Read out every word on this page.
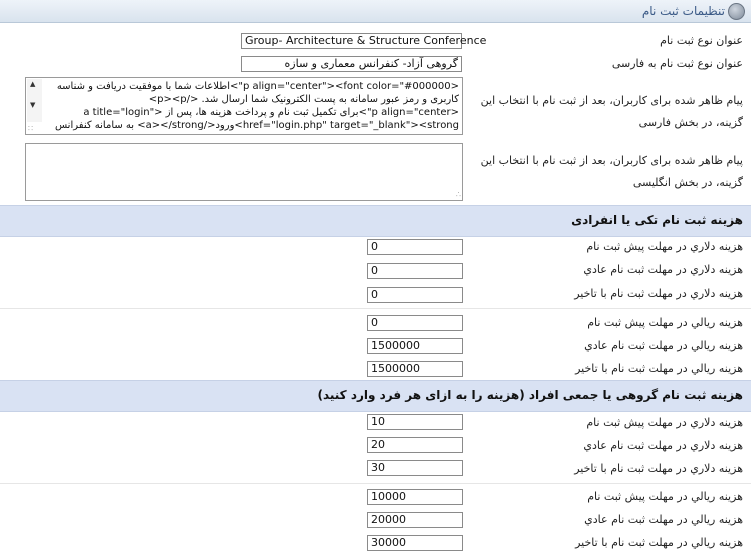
تنظیمات ثبت نام
عنوان نوع ثبت نام
Group- Architecture & Structure Conference
عنوان نوع ثبت نام به فارسی
گروهی آزاد- کنفرانس معماری و سازه
▲
▼
<p align="center"><font color="#000000">اطلاعات شما با موفقیت دریافت و شناسه کاربری و رمز عبور سامانه به پست الکترونیک شما ارسال شد. </p><p>
<p align="center">برای تکمیل ثبت نام و پرداخت هزینه ها، پس از <a title="login" href="login.php" target="_blank"><strong>ورود</a></strong> به سامانه کنفرانس
∷
پیام ظاهر شده برای کاربران، بعد از ثبت نام با انتخاب این گزینه، در بخش فارسی
∴
پیام ظاهر شده برای کاربران، بعد از ثبت نام با انتخاب این گزینه، در بخش انگلیسی
هزینه ثبت نام تکی یا انفرادی
هزينه دلاري در مهلت پيش ثبت نام
0
هزينه دلاري در مهلت ثبت نام عادي
0
هزينه دلاري در مهلت ثبت نام با تاخير
0
هزينه ريالي در مهلت پيش ثبت نام
0
هزينه ريالي در مهلت ثبت نام عادي
1500000
هزينه ريالي در مهلت ثبت نام با تاخير
1500000
هزینه ثبت نام گروهی یا جمعی افراد (هزینه را به ازای هر فرد وارد کنید)
هزينه دلاري در مهلت پيش ثبت نام
10
هزينه دلاري در مهلت ثبت نام عادي
20
هزينه دلاري در مهلت ثبت نام با تاخير
30
هزينه ريالي در مهلت پيش ثبت نام
10000
هزينه ريالي در مهلت ثبت نام عادي
20000
هزينه ريالي در مهلت ثبت نام با تاخير
30000
